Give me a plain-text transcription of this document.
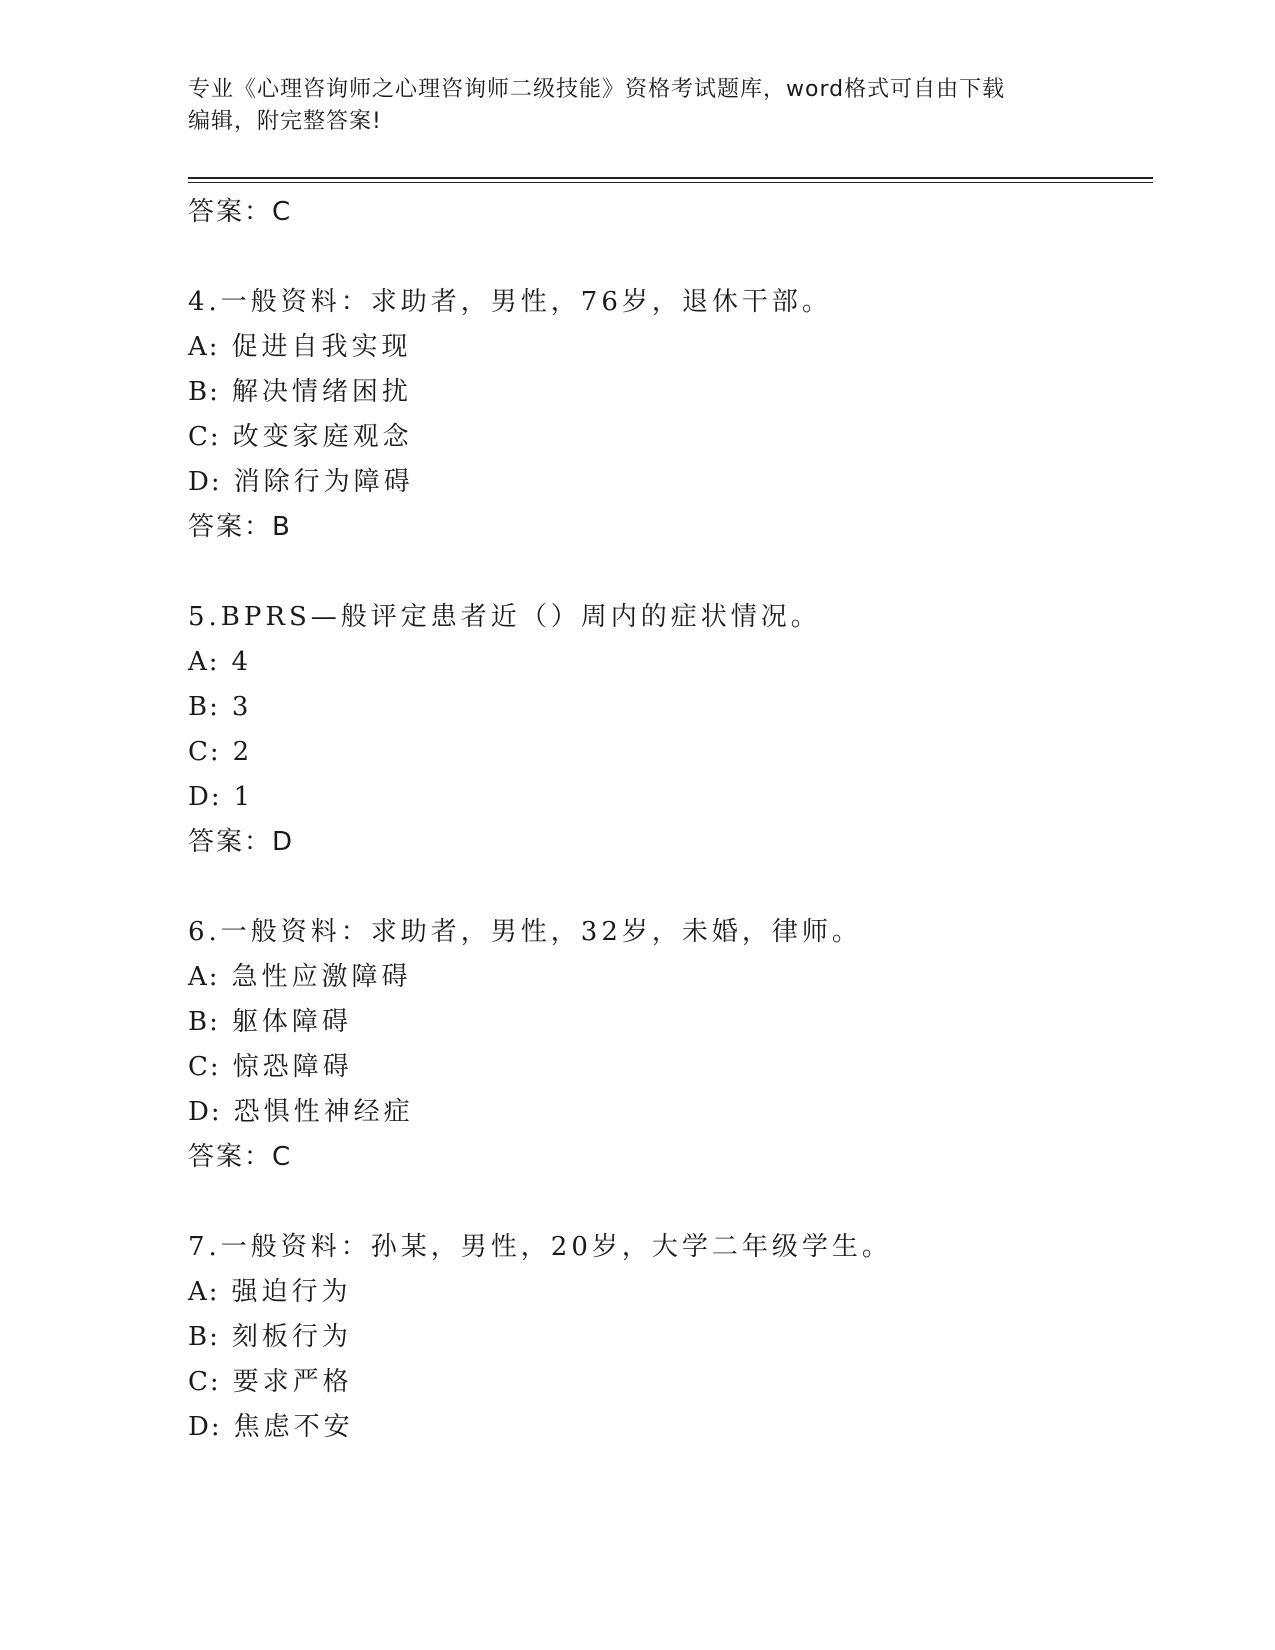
专业《心理咨询师之心理咨询师二级技能》资格考试题库，word格式可自由下载
编辑，附完整答案!
答案：C
4.一般资料：求助者，男性，76岁，退休干部。
A: 促进自我实现
B: 解决情绪困扰
C: 改变家庭观念
D: 消除行为障碍
答案：B
5.BPRS—般评定患者近（）周内的症状情况。
A: 4
B: 3
C: 2
D: 1
答案：D
6.一般资料：求助者，男性，32岁，未婚，律师。
A: 急性应激障碍
B: 躯体障碍
C: 惊恐障碍
D: 恐惧性神经症
答案：C
7.一般资料：孙某，男性，20岁，大学二年级学生。
A: 强迫行为
B: 刻板行为
C: 要求严格
D: 焦虑不安
